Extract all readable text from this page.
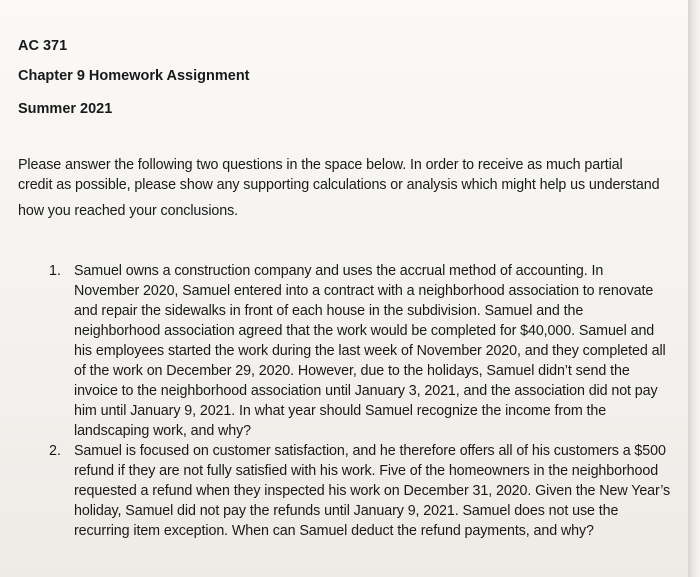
AC 371
Chapter 9 Homework Assignment
Summer 2021
Please answer the following two questions in the space below. In order to receive as much partial
credit as possible, please show any supporting calculations or analysis which might help us understand
how you reached your conclusions.
1. Samuel owns a construction company and uses the accrual method of accounting. In
November 2020, Samuel entered into a contract with a neighborhood association to renovate
and repair the sidewalks in front of each house in the subdivision. Samuel and the
neighborhood association agreed that the work would be completed for $40,000. Samuel and
his employees started the work during the last week of November 2020, and they completed all
of the work on December 29, 2020. However, due to the holidays, Samuel didn’t send the
invoice to the neighborhood association until January 3, 2021, and the association did not pay
him until January 9, 2021. In what year should Samuel recognize the income from the
landscaping work, and why?
2. Samuel is focused on customer satisfaction, and he therefore offers all of his customers a $500
refund if they are not fully satisfied with his work. Five of the homeowners in the neighborhood
requested a refund when they inspected his work on December 31, 2020. Given the New Year’s
holiday, Samuel did not pay the refunds until January 9, 2021. Samuel does not use the
recurring item exception. When can Samuel deduct the refund payments, and why?
